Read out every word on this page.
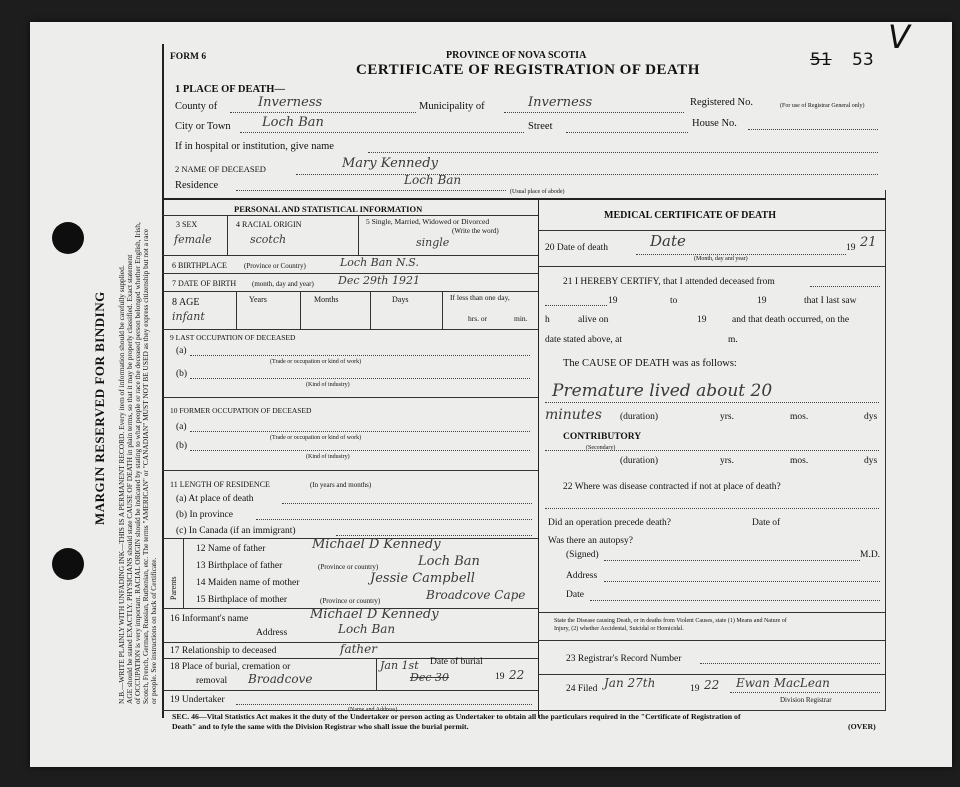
MARGIN RESERVED FOR BINDING N.B.—WRITE PLAINLY WITH UNFADING INK—THIS IS A PERMANENT RECORD. Every item of information should be carefully supplied. AGE should be stated EXACTLY. PHYSICIANS should state CAUSE OF DEATH in plain terms, so that it may be properly classified. Exact statement of OCCUPATION is very important. RACIAL ORIGIN should be indicated by stating to what people or race the deceased person belonged whether English, Irish, Scotch, French, German, Russian, Ruthenian, etc. The terms "AMERICAN" or "CANADIAN" MUST NOT BE USED as they express citizenship but not a race or people. See instructions on back of Certificate.
FORM 6	PROVINCE OF NOVA SCOTIA
CERTIFICATE OF REGISTRATION OF DEATH	51 53
V
1 PLACE OF DEATH—
County of	Inverness	Municipality of	Inverness	Registered No.	(For use of Registrar General only)
City or Town Loch Ban	Street	House No.
If in hospital or institution, give name
2 NAME OF DECEASED	Mary Kennedy
Residence	Loch Ban
(Usual place of abode)
PERSONAL AND STATISTICAL INFORMATION
3 SEX
female
4 RACIAL ORIGIN
scotch
5 Single, Married, Widowed or Divorced
(Write the word)
single
6 BIRTHPLACE (Province or Country)	Loch Ban N.S.
7 DATE OF BIRTH (month, day and year) Dec 29th 1921
8 AGE
infant
Years	Months	Days	If less than one day,
hrs. or	min.
9 LAST OCCUPATION OF DECEASED
(a)
(Trade or occupation or kind of work)
(b)
(Kind of industry)
10 FORMER OCCUPATION OF DECEASED
(a)
(Trade or occupation or kind of work)
(b)
(Kind of industry)
11 LENGTH OF RESIDENCE	(In years and months)
(a) At place of death
(b) In province
(c) In Canada (if an immigrant)
Parents
12 Name of father	Michael D Kennedy
13 Birthplace of father	(Province or country)	Loch Ban
14 Maiden name of mother	Jessie Campbell
15 Birthplace of mother	(Province or country)	Broadcove Cape
16 Informant's name	Michael D Kennedy
Address	Loch Ban
17 Relationship to deceased	father
18 Place of burial, cremation or
removal Broadcove
Jan 1st Date of burial
Dec 30	19 22
19 Undertaker
(Name and Address)
MEDICAL CERTIFICATE OF DEATH
20 Date of death	Date
(Month, day and year)
19 21
21 I HEREBY CERTIFY, that I attended deceased from
19	to	19	that I last saw
h	alive on	19	and that death occurred, on the
date stated above, at	m.
The CAUSE OF DEATH was as follows:
Premature lived about 20
minutes (duration)	yrs.	mos.	dys
CONTRIBUTORY
(Secondary)
(duration)	yrs.	mos.	dys
22 Where was disease contracted if not at place of death?
Did an operation precede death?	Date of
Was there an autopsy?
(Signed)	M.D.
Address
Date
State the Disease causing Death, or in deaths from Violent Causes, state (1) Means and Nature of
Injury, (2) whether Accidental, Suicidal or Homicidal.
23 Registrar's Record Number
24 Filed Jan 27th	19 22 Ewan MacLean
Division Registrar
SEC. 46—Vital Statistics Act makes it the duty of the Undertaker or person acting as Undertaker to obtain all the particulars required in the "Certificate of Registration of
Death" and to fyle the same with the Division Registrar who shall issue the burial permit.	(OVER)
